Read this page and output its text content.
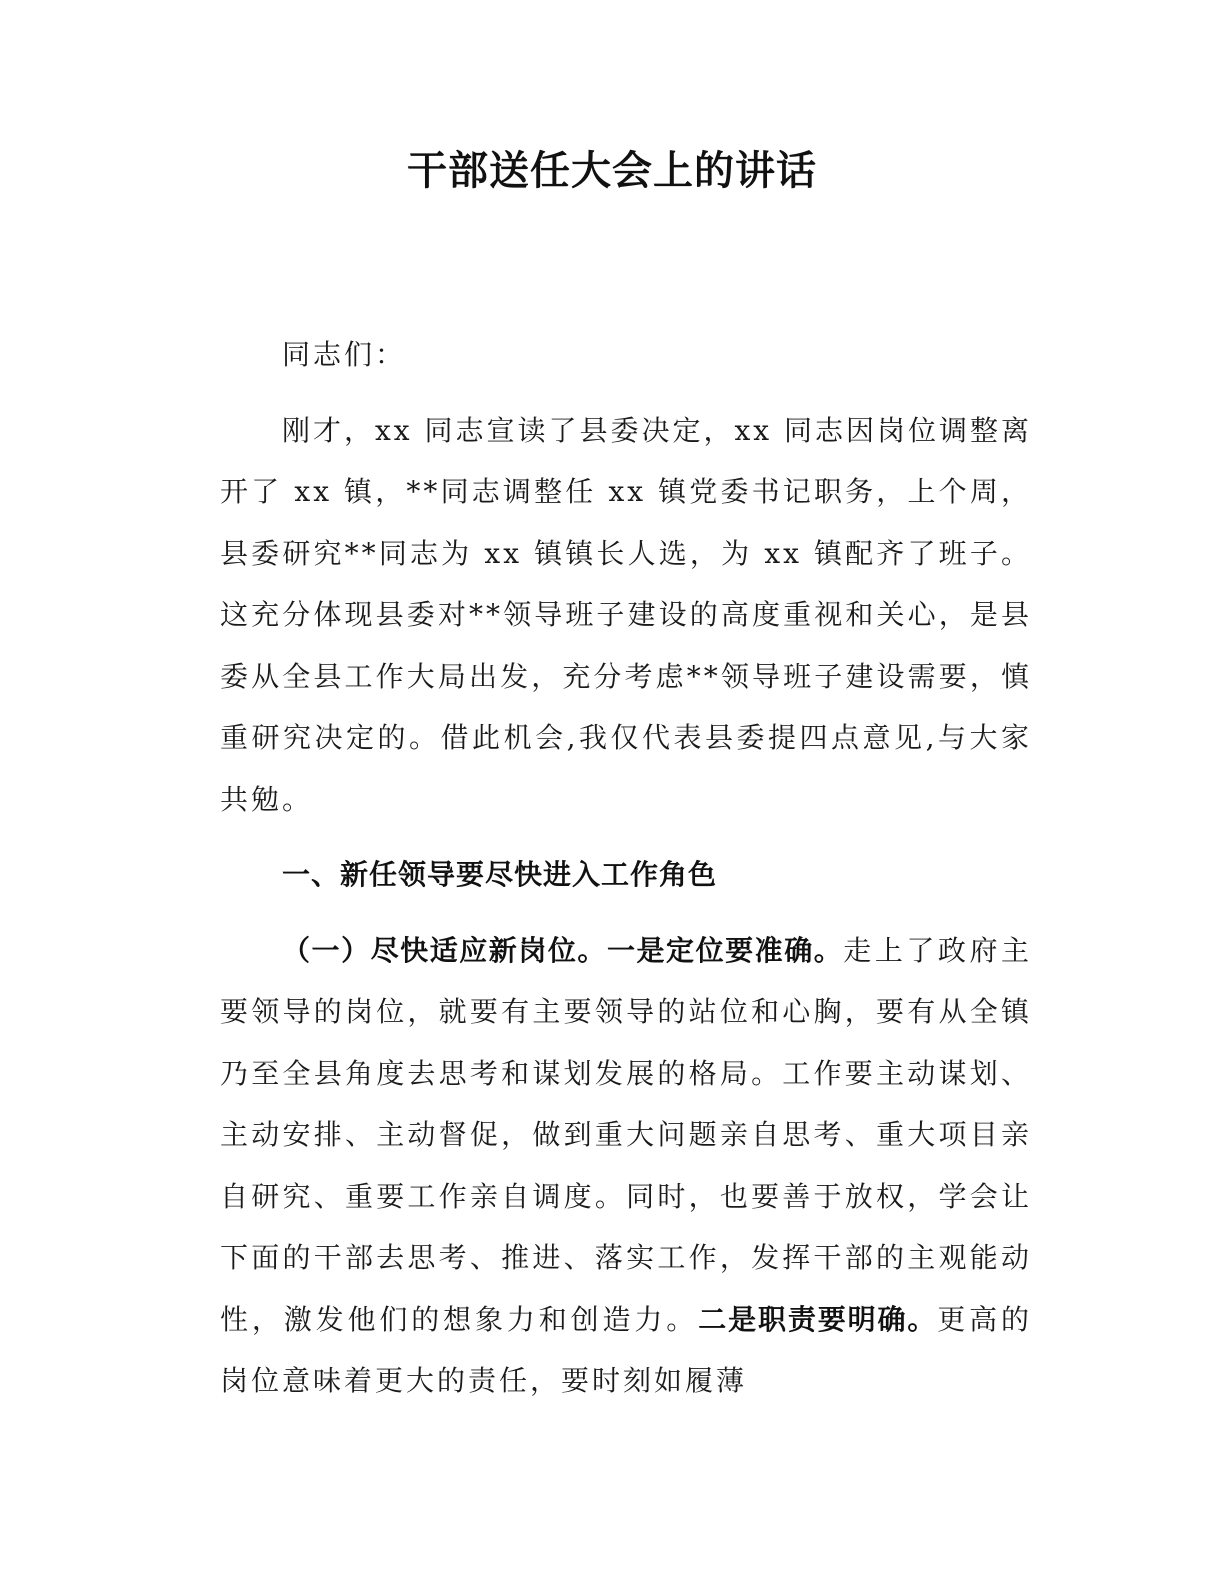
干部送任大会上的讲话

同志们：

刚才，xx 同志宣读了县委决定，xx 同志因岗位调整离开了 xx 镇，**同志调整任 xx 镇党委书记职务，上个周，县委研究**同志为 xx 镇镇长人选，为 xx 镇配齐了班子。这充分体现县委对**领导班子建设的高度重视和关心，是县委从全县工作大局出发，充分考虑**领导班子建设需要，慎重研究决定的。借此机会,我仅代表县委提四点意见,与大家共勉。

一、新任领导要尽快进入工作角色

（一）尽快适应新岗位。一是定位要准确。走上了政府主要领导的岗位，就要有主要领导的站位和心胸，要有从全镇乃至全县角度去思考和谋划发展的格局。工作要主动谋划、主动安排、主动督促，做到重大问题亲自思考、重大项目亲自研究、重要工作亲自调度。同时，也要善于放权，学会让下面的干部去思考、推进、落实工作，发挥干部的主观能动性，激发他们的想象力和创造力。二是职责要明确。更高的岗位意味着更大的责任，要时刻如履薄
